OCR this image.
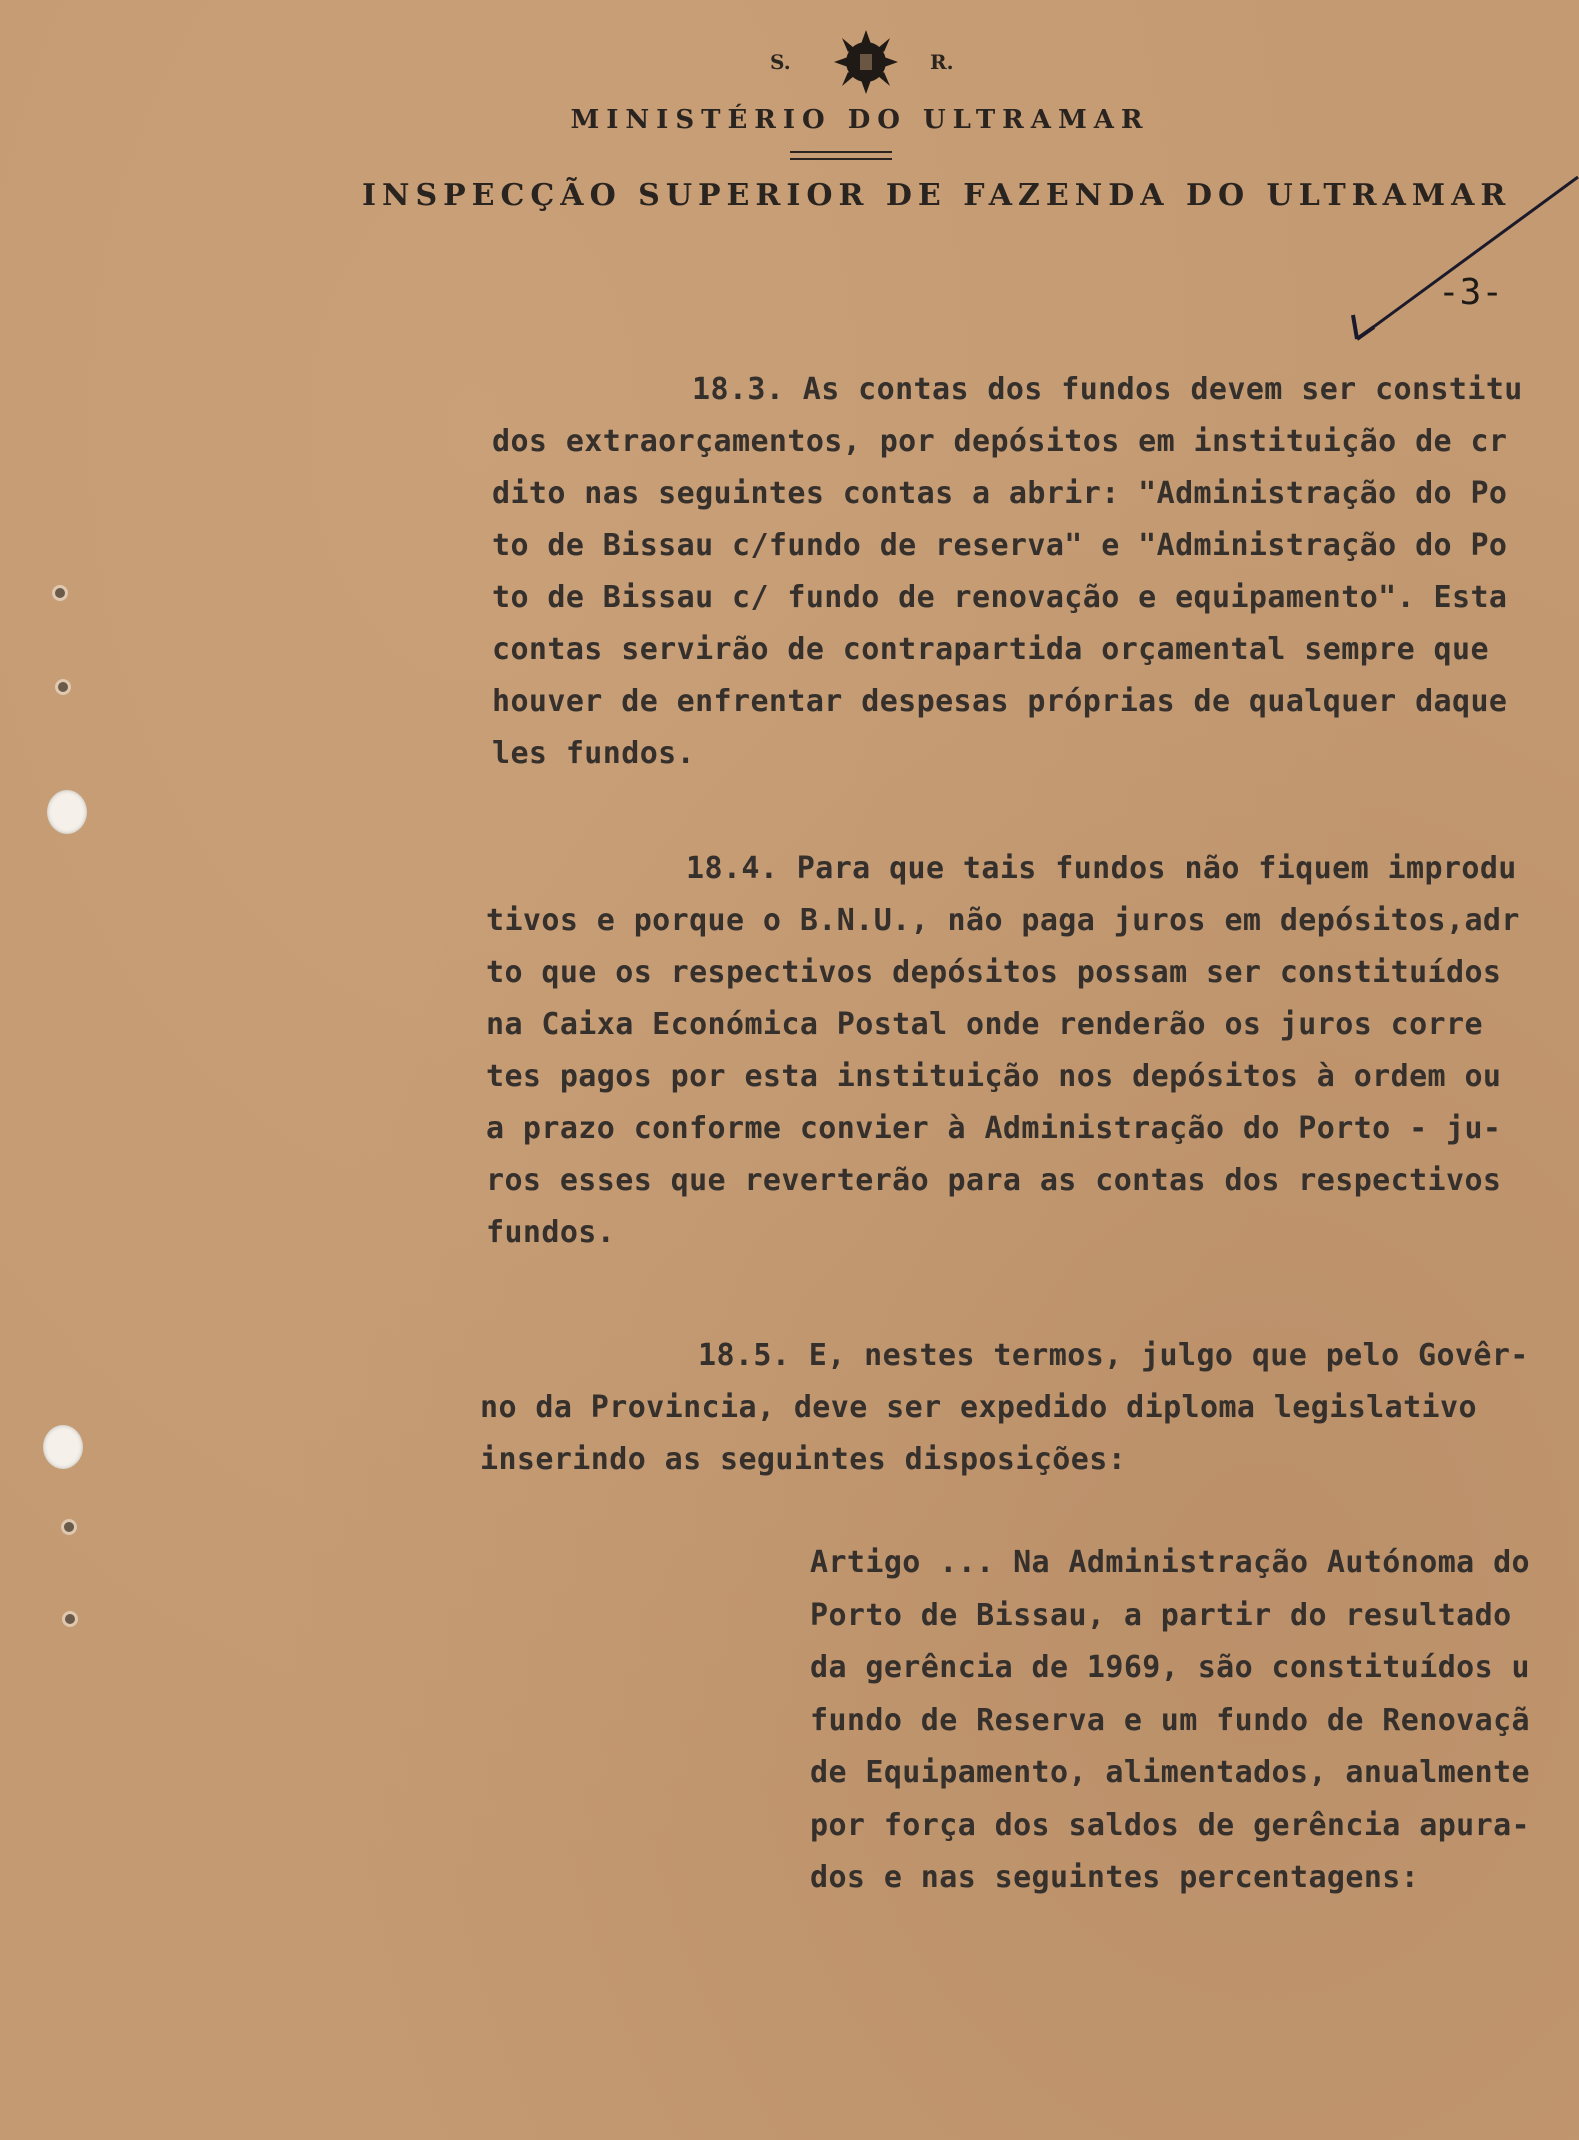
S.	R.
MINISTÉRIO DO ULTRAMAR
INSPECÇÃO SUPERIOR DE FAZENDA DO ULTRAMAR
-3-
18.3. As contas dos fundos devem ser constitu
dos extraorçamentos, por depósitos em instituição de cr
dito nas seguintes contas a abrir: "Administração do Po
to de Bissau c/fundo de reserva" e "Administração do Po
to de Bissau c/ fundo de renovação e equipamento". Esta
contas servirão de contrapartida orçamental sempre que
houver de enfrentar despesas próprias de qualquer daque
les fundos.
18.4. Para que tais fundos não fiquem improdu
tivos e porque o B.N.U., não paga juros em depósitos,adr
to que os respectivos depósitos possam ser constituídos
na Caixa Económica Postal onde renderão os juros corre
tes pagos por esta instituição nos depósitos à ordem ou
a prazo conforme convier à Administração do Porto - ju-
ros esses que reverterão para as contas dos respectivos
fundos.
18.5. E, nestes termos, julgo que pelo Govêr-
no da Provincia, deve ser expedido diploma legislativo
inserindo as seguintes disposições:
Artigo ... Na Administração Autónoma do
Porto de Bissau, a partir do resultado
da gerência de 1969, são constituídos u
fundo de Reserva e um fundo de Renovaçã
de Equipamento, alimentados, anualmente
por força dos saldos de gerência apura-
dos e nas seguintes percentagens:
